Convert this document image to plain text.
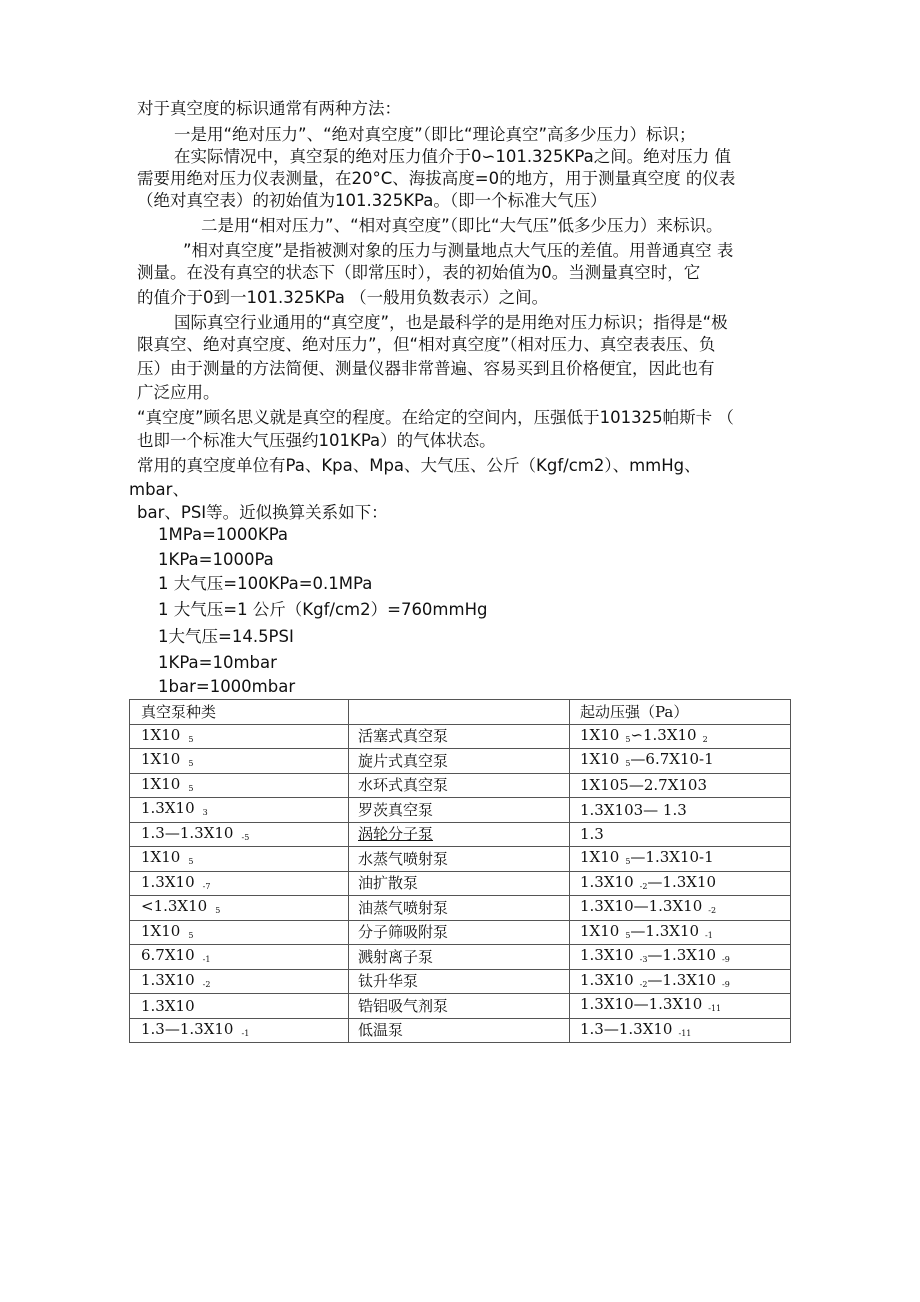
对于真空度的标识通常有两种方法：
一是用“绝对压力”、“绝对真空度”（即比“理论真空”高多少压力）标识；
在实际情况中，真空泵的绝对压力值介于0∽101.325KPa之间。绝对压力 值
需要用绝对压力仪表测量，在20°C、海拔高度=0的地方，用于测量真空度 的仪表
（绝对真空表）的初始值为101.325KPa。（即一个标准大气压）
二是用“相对压力”、“相对真空度”（即比“大气压”低多少压力）来标识。
”相对真空度”是指被测对象的压力与测量地点大气压的差值。用普通真空 表
测量。在没有真空的状态下（即常压时），表的初始值为0。当测量真空时，它
的值介于0到一101.325KPa （一般用负数表示）之间。
国际真空行业通用的“真空度”，也是最科学的是用绝对压力标识；指得是“极
限真空、绝对真空度、绝对压力”，但“相对真空度”（相对压力、真空表表压、负
压）由于测量的方法简便、测量仪器非常普遍、容易买到且价格便宜，因此也有
广泛应用。
“真空度”顾名思义就是真空的程度。在给定的空间内，压强低于101325帕斯卡 （
也即一个标准大气压强约101KPa）的气体状态。
常用的真空度单位有Pa、Kpa、Mpa、大气压、公斤（Kgf/cm2）、mmHg、
mbar、
bar、PSI等。近似换算关系如下：
1MPa=1000KPa
1KPa=1000Pa
1 大气压=100KPa=0.1MPa
1 大气压=1 公斤（Kgf/cm2）=760mmHg
1大气压=14.5PSI
1KPa=10mbar
1bar=1000mbar
真空泵种类		起动压强（Pa）
1X10 5	活塞式真空泵	1X10 5∽1.3X10 2
1X10 5	旋片式真空泵	1X10 5—6.7X10-1
1X10 5	水环式真空泵	1X105—2.7X103
1.3X10 3	罗茨真空泵	1.3X103— 1.3
1.3—1.3X10 -5	涡轮分子泵	1.3
1X10 5	水蒸气喷射泵	1X10 5—1.3X10-1
1.3X10 -7	油扩散泵	1.3X10 -2—1.3X10
<1.3X10 5	油蒸气喷射泵	1.3X10—1.3X10 -2
1X10 5	分子筛吸附泵	1X10 5—1.3X10 -1
6.7X10 -1	溅射离子泵	1.3X10 -3—1.3X10 -9
1.3X10 -2	钛升华泵	1.3X10 -2—1.3X10 -9
1.3X10	锆铝吸气剂泵	1.3X10—1.3X10 -11
1.3—1.3X10 -1	低温泵	1.3—1.3X10 -11
